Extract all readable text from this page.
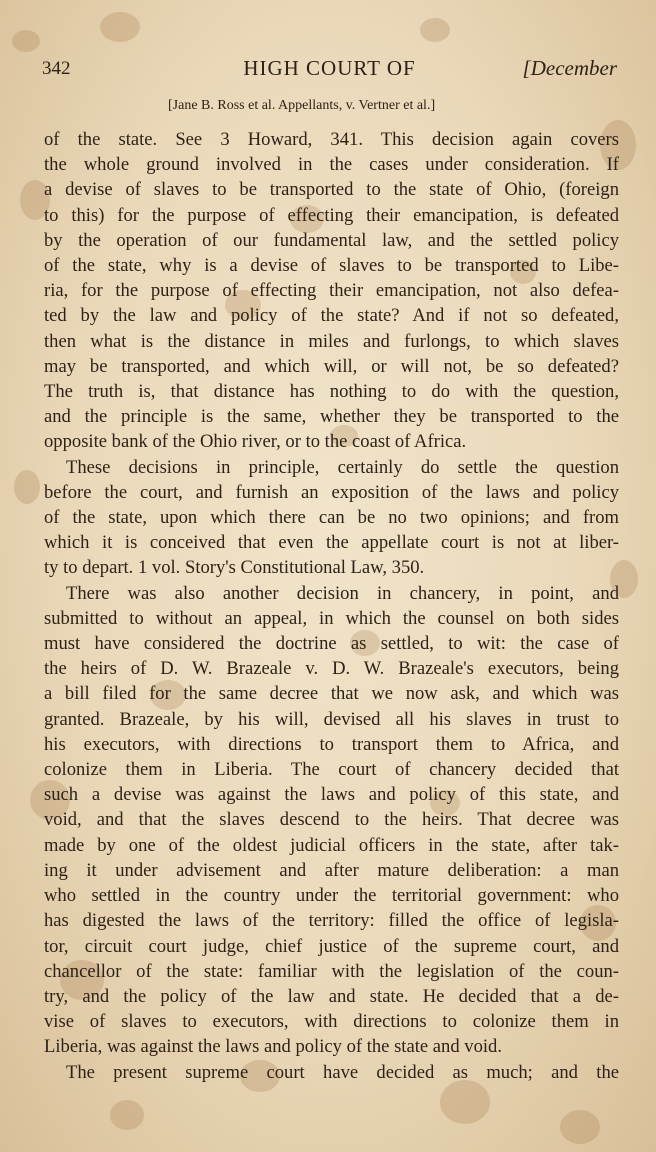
342	HIGH COURT OF	[December
[Jane B. Ross et al. Appellants, v. Vertner et al.]
of the state. See 3 Howard, 341. This decision again covers
the whole ground involved in the cases under consideration. If
a devise of slaves to be transported to the state of Ohio, (foreign
to this) for the purpose of effecting their emancipation, is defeated
by the operation of our fundamental law, and the settled policy
of the state, why is a devise of slaves to be transported to Libe-
ria, for the purpose of effecting their emancipation, not also defea-
ted by the law and policy of the state? And if not so defeated,
then what is the distance in miles and furlongs, to which slaves
may be transported, and which will, or will not, be so defeated?
The truth is, that distance has nothing to do with the question,
and the principle is the same, whether they be transported to the
opposite bank of the Ohio river, or to the coast of Africa.
These decisions in principle, certainly do settle the question
before the court, and furnish an exposition of the laws and policy
of the state, upon which there can be no two opinions; and from
which it is conceived that even the appellate court is not at liber-
ty to depart. 1 vol. Story's Constitutional Law, 350.
There was also another decision in chancery, in point, and
submitted to without an appeal, in which the counsel on both sides
must have considered the doctrine as settled, to wit: the case of
the heirs of D. W. Brazeale v. D. W. Brazeale's executors, being
a bill filed for the same decree that we now ask, and which was
granted. Brazeale, by his will, devised all his slaves in trust to
his executors, with directions to transport them to Africa, and
colonize them in Liberia. The court of chancery decided that
such a devise was against the laws and policy of this state, and
void, and that the slaves descend to the heirs. That decree was
made by one of the oldest judicial officers in the state, after tak-
ing it under advisement and after mature deliberation: a man
who settled in the country under the territorial government: who
has digested the laws of the territory: filled the office of legisla-
tor, circuit court judge, chief justice of the supreme court, and
chancellor of the state: familiar with the legislation of the coun-
try, and the policy of the law and state. He decided that a de-
vise of slaves to executors, with directions to colonize them in
Liberia, was against the laws and policy of the state and void.
The present supreme court have decided as much; and the
